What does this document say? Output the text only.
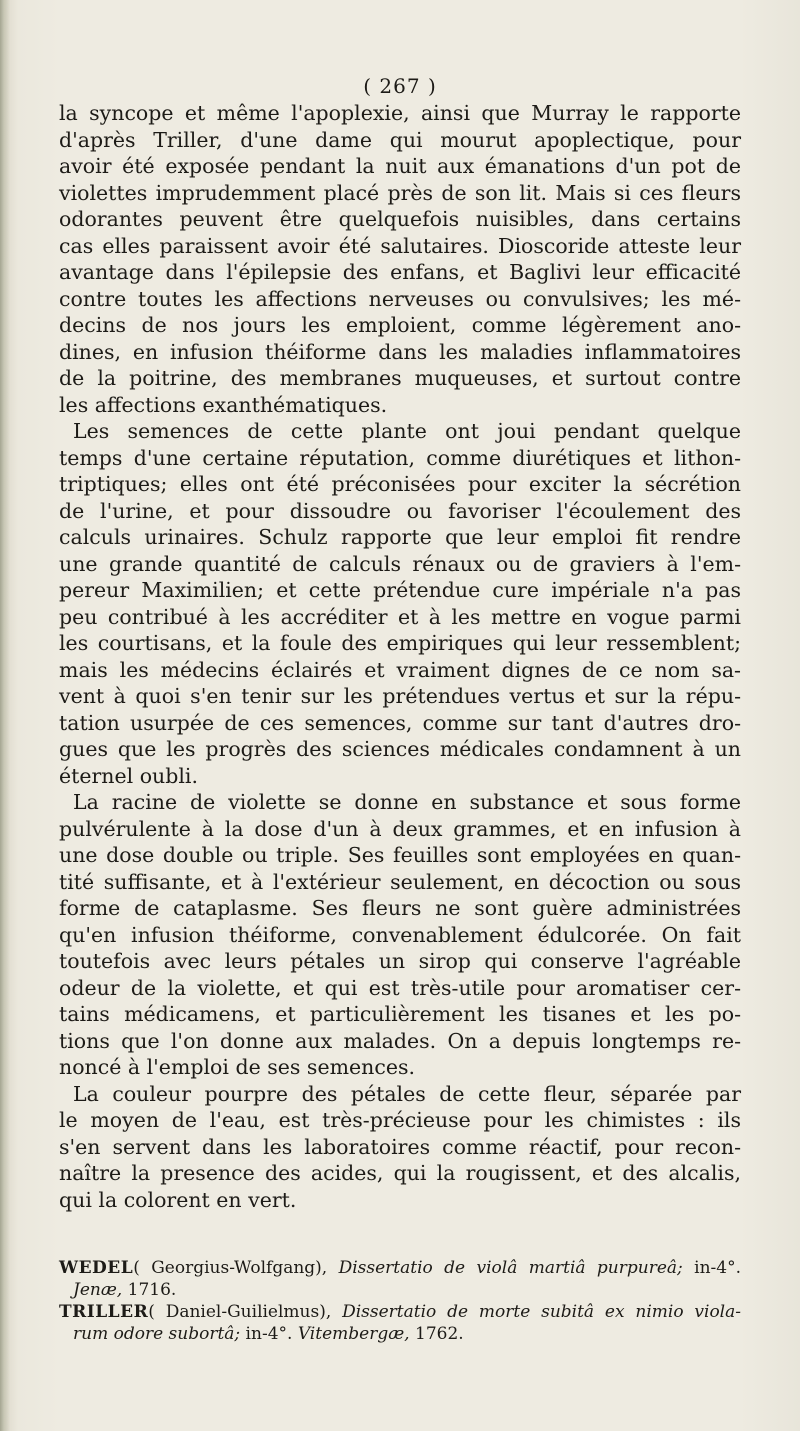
( 267 )
la syncope et même l'apoplexie, ainsi que Murray le rapporte
d'après Triller, d'une dame qui mourut apoplectique, pour
avoir été exposée pendant la nuit aux émanations d'un pot de
violettes imprudemment placé près de son lit. Mais si ces fleurs
odorantes peuvent être quelquefois nuisibles, dans certains
cas elles paraissent avoir été salutaires. Dioscoride atteste leur
avantage dans l'épilepsie des enfans, et Baglivi leur efficacité
contre toutes les affections nerveuses ou convulsives; les mé-
decins de nos jours les emploient, comme légèrement ano-
dines, en infusion théiforme dans les maladies inflammatoires
de la poitrine, des membranes muqueuses, et surtout contre
les affections exanthématiques.
Les semences de cette plante ont joui pendant quelque
temps d'une certaine réputation, comme diurétiques et lithon-
triptiques; elles ont été préconisées pour exciter la sécrétion
de l'urine, et pour dissoudre ou favoriser l'écoulement des
calculs urinaires. Schulz rapporte que leur emploi fit rendre
une grande quantité de calculs rénaux ou de graviers à l'em-
pereur Maximilien; et cette prétendue cure impériale n'a pas
peu contribué à les accréditer et à les mettre en vogue parmi
les courtisans, et la foule des empiriques qui leur ressemblent;
mais les médecins éclairés et vraiment dignes de ce nom sa-
vent à quoi s'en tenir sur les prétendues vertus et sur la répu-
tation usurpée de ces semences, comme sur tant d'autres dro-
gues que les progrès des sciences médicales condamnent à un
éternel oubli.
La racine de violette se donne en substance et sous forme
pulvérulente à la dose d'un à deux grammes, et en infusion à
une dose double ou triple. Ses feuilles sont employées en quan-
tité suffisante, et à l'extérieur seulement, en décoction ou sous
forme de cataplasme. Ses fleurs ne sont guère administrées
qu'en infusion théiforme, convenablement édulcorée. On fait
toutefois avec leurs pétales un sirop qui conserve l'agréable
odeur de la violette, et qui est très-utile pour aromatiser cer-
tains médicamens, et particulièrement les tisanes et les po-
tions que l'on donne aux malades. On a depuis longtemps re-
noncé à l'emploi de ses semences.
La couleur pourpre des pétales de cette fleur, séparée par
le moyen de l'eau, est très-précieuse pour les chimistes : ils
s'en servent dans les laboratoires comme réactif, pour recon-
naître la presence des acides, qui la rougissent, et des alcalis,
qui la colorent en vert.
WEDEL( Georgius-Wolfgang), Dissertatio de violâ martiâ purpureâ; in-4°.
Jenæ, 1716.
TRILLER( Daniel-Guilielmus), Dissertatio de morte subitâ ex nimio viola-
rum odore subortâ; in-4°. Vitembergæ, 1762.
